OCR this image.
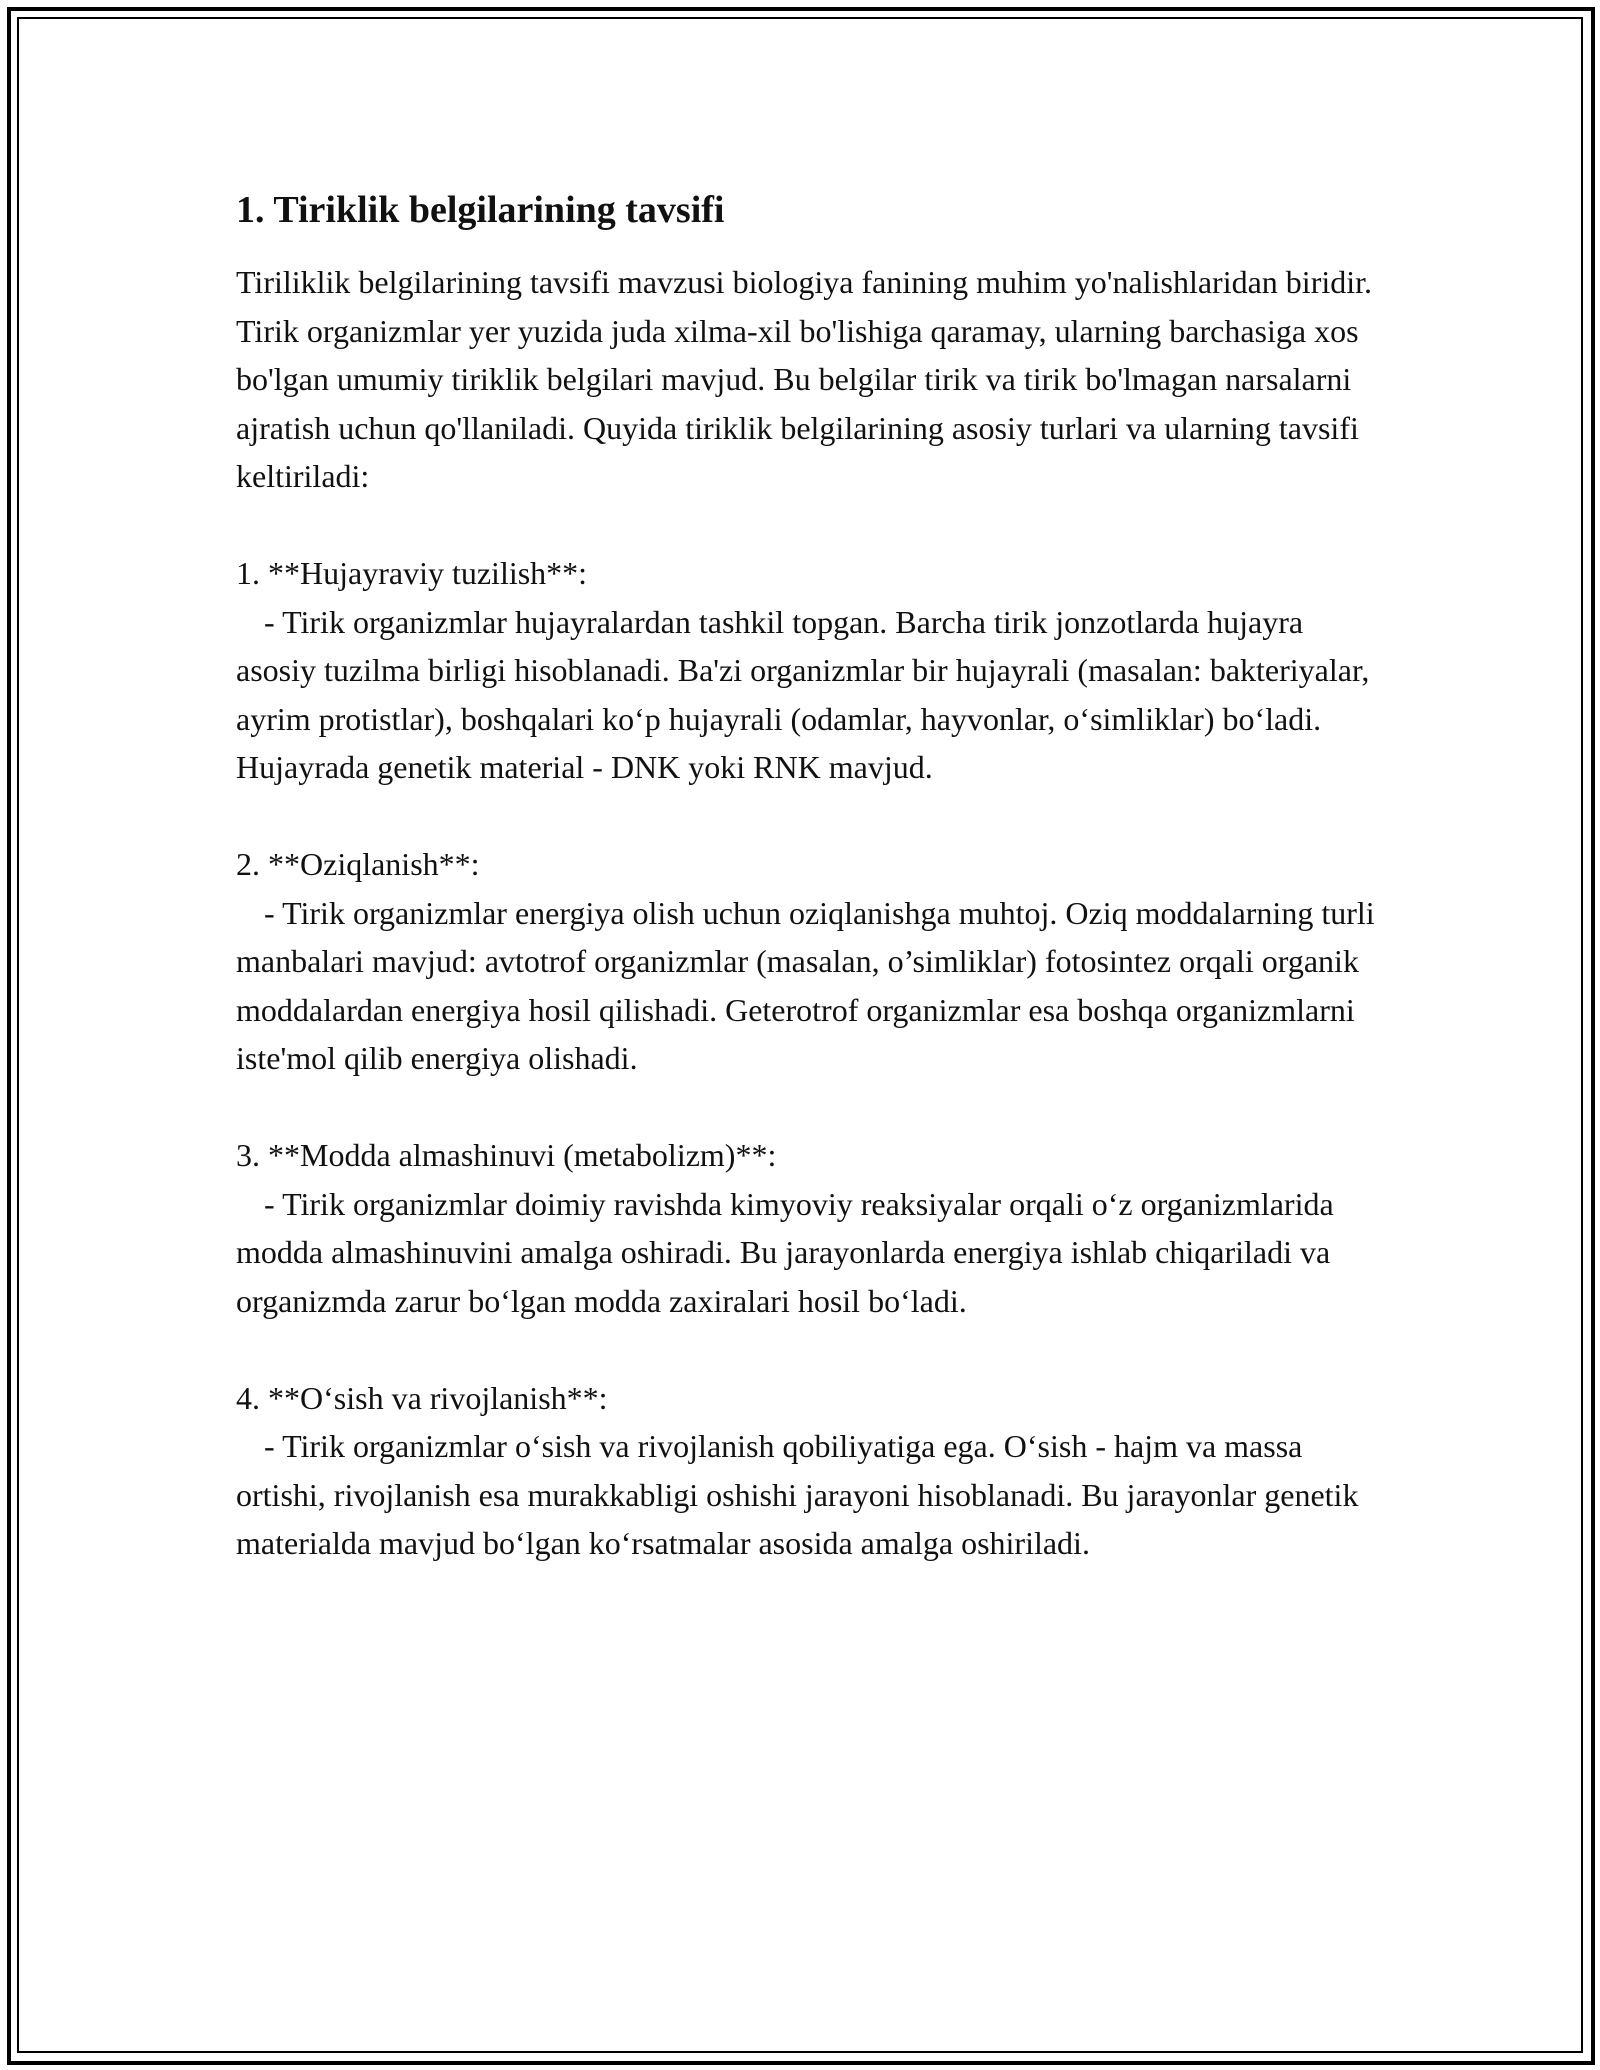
1. Tiriklik belgilarining tavsifi

Tiriliklik belgilarining tavsifi mavzusi biologiya fanining muhim yo'nalishlaridan biridir. Tirik organizmlar yer yuzida juda xilma-xil bo'lishiga qaramay, ularning barchasiga xos bo'lgan umumiy tiriklik belgilari mavjud. Bu belgilar tirik va tirik bo'lmagan narsalarni ajratish uchun qo'llaniladi. Quyida tiriklik belgilarining asosiy turlari va ularning tavsifi keltiriladi:

1. **Hujayraviy tuzilish**:
- Tirik organizmlar hujayralardan tashkil topgan. Barcha tirik jonzotlarda hujayra asosiy tuzilma birligi hisoblanadi. Ba'zi organizmlar bir hujayrali (masalan: bakteriyalar, ayrim protistlar), boshqalari ko‘p hujayrali (odamlar, hayvonlar, o‘simliklar) bo‘ladi. Hujayrada genetik material - DNK yoki RNK mavjud.
2. **Oziqlanish**:
- Tirik organizmlar energiya olish uchun oziqlanishga muhtoj. Oziq moddalarning turli manbalari mavjud: avtotrof organizmlar (masalan, o’simliklar) fotosintez orqali organik moddalardan energiya hosil qilishadi. Geterotrof organizmlar esa boshqa organizmlarni iste'mol qilib energiya olishadi.
3. **Modda almashinuvi (metabolizm)**:
- Tirik organizmlar doimiy ravishda kimyoviy reaksiyalar orqali o‘z organizmlarida modda almashinuvini amalga oshiradi. Bu jarayonlarda energiya ishlab chiqariladi va organizmda zarur bo‘lgan modda zaxiralari hosil bo‘ladi.
4. **O‘sish va rivojlanish**:
- Tirik organizmlar o‘sish va rivojlanish qobiliyatiga ega. O‘sish - hajm va massa ortishi, rivojlanish esa murakkabligi oshishi jarayoni hisoblanadi. Bu jarayonlar genetik materialda mavjud bo‘lgan ko‘rsatmalar asosida amalga oshiriladi.
